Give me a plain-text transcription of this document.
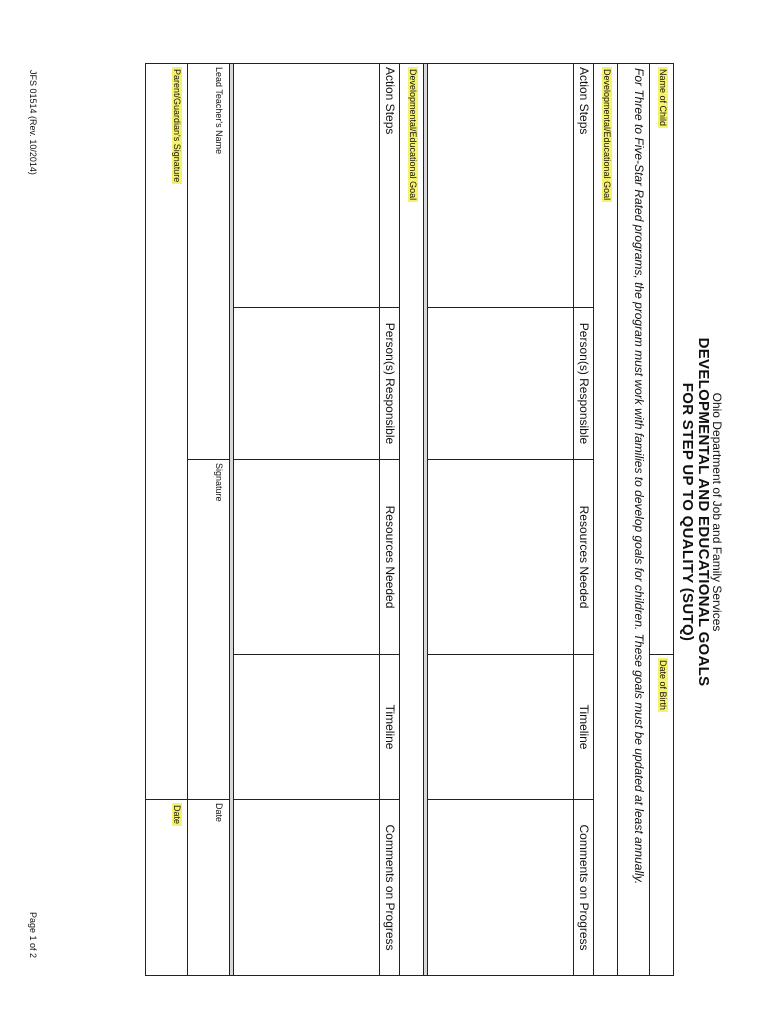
Ohio Department of Job and Family Services
DEVELOPMENTAL AND EDUCATIONAL GOALS
FOR STEP UP TO QUALITY (SUTQ)
Name of Child			Date of Birth	
For Three to Five-Star Rated programs, the program must work with families to develop goals for children. These goals must be updated at least annually.				
Developmental/Educational Goal				
Action Steps	Person(s) Responsible	Resources Needed	Timeline	Comments on Progress

Developmental/Educational Goal				
Action Steps	Person(s) Responsible	Resources Needed	Timeline	Comments on Progress

Lead Teacher's Name		Signature		Date
Parent/Guardian's Signature				Date
JFS 01514 (Rev. 10/2014)
Page 1 of 2
